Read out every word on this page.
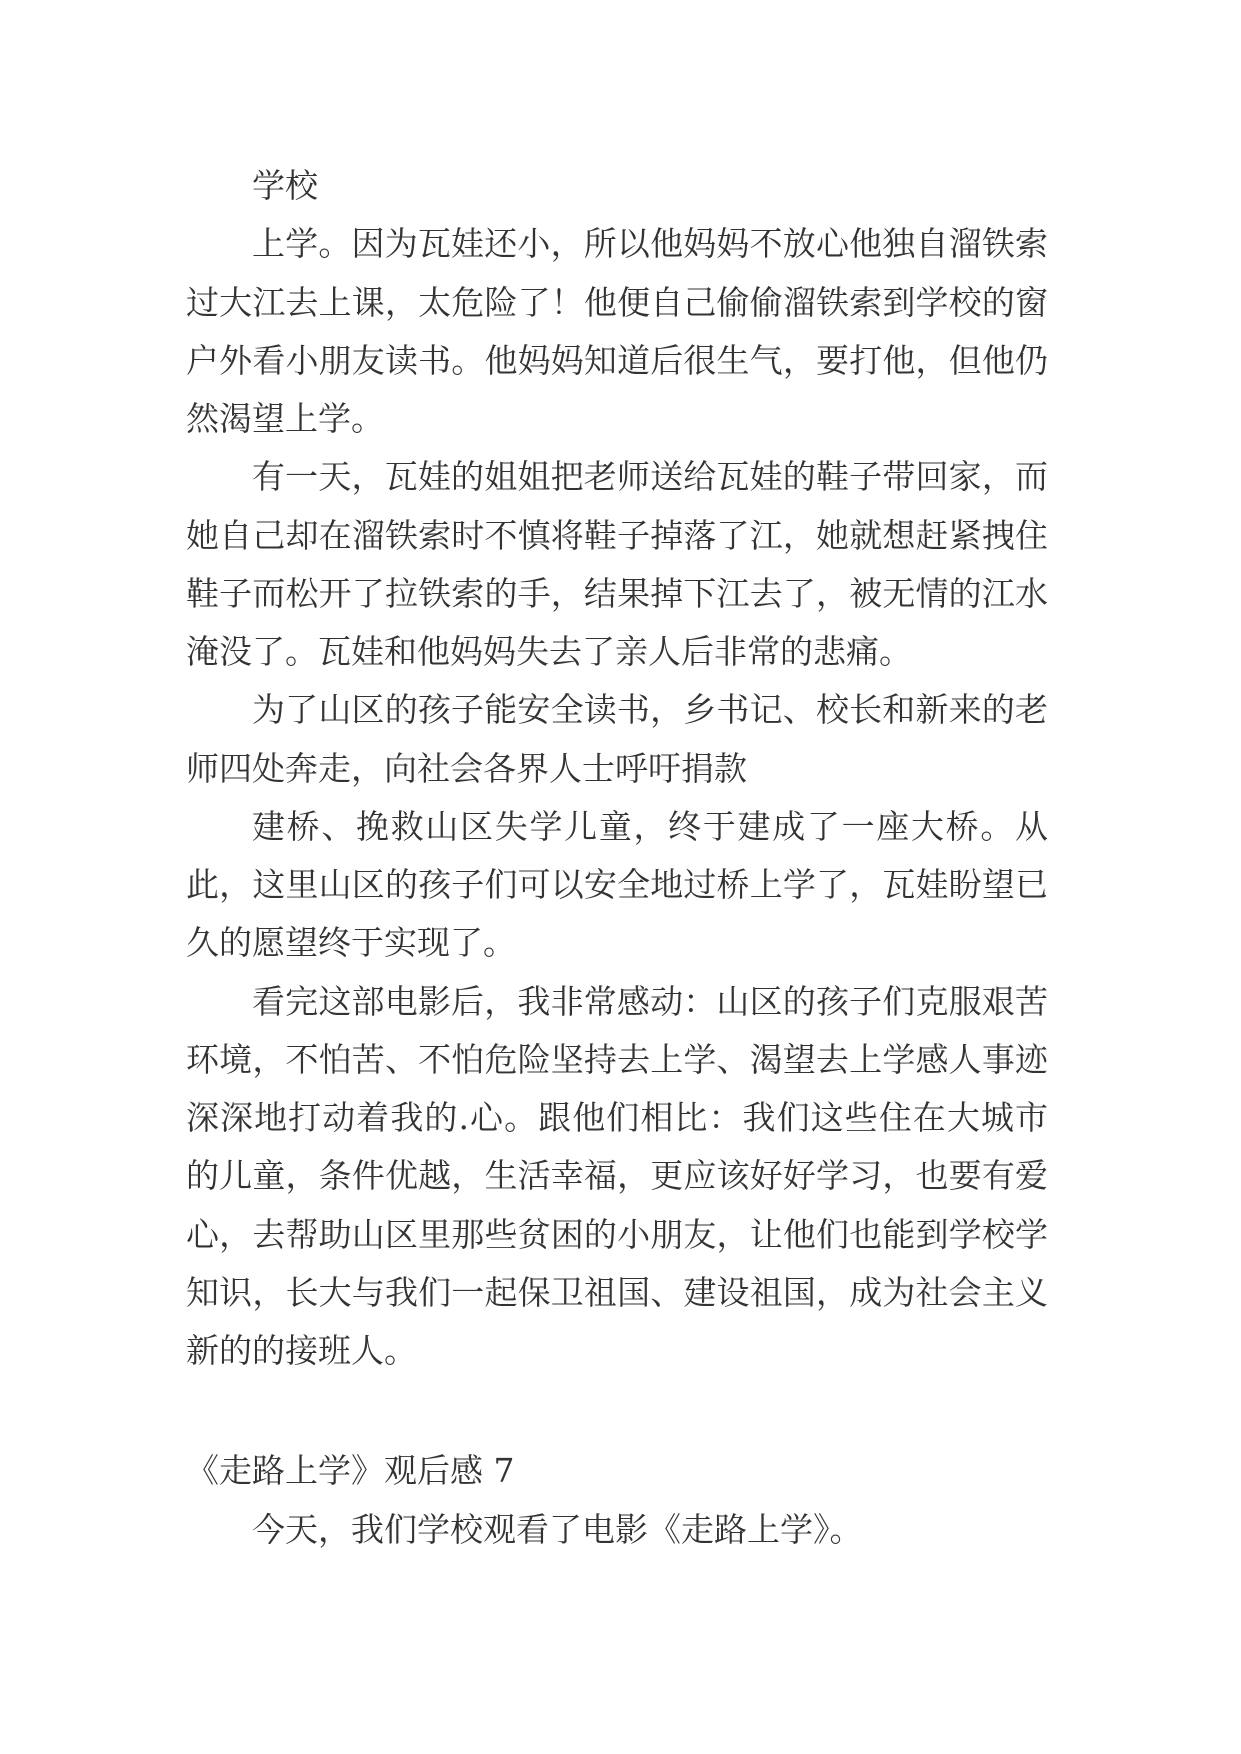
学校

上学。因为瓦娃还小，所以他妈妈不放心他独自溜铁索过大江去上课，太危险了！他便自己偷偷溜铁索到学校的窗户外看小朋友读书。他妈妈知道后很生气，要打他，但他仍然渴望上学。

有一天，瓦娃的姐姐把老师送给瓦娃的鞋子带回家，而她自己却在溜铁索时不慎将鞋子掉落了江，她就想赶紧拽住鞋子而松开了拉铁索的手，结果掉下江去了，被无情的江水淹没了。瓦娃和他妈妈失去了亲人后非常的悲痛。

为了山区的孩子能安全读书，乡书记、校长和新来的老师四处奔走，向社会各界人士呼吁捐款

建桥、挽救山区失学儿童，终于建成了一座大桥。从此，这里山区的孩子们可以安全地过桥上学了，瓦娃盼望已久的愿望终于实现了。

看完这部电影后，我非常感动：山区的孩子们克服艰苦环境，不怕苦、不怕危险坚持去上学、渴望去上学感人事迹深深地打动着我的.心。跟他们相比：我们这些住在大城市的儿童，条件优越，生活幸福，更应该好好学习，也要有爱心，去帮助山区里那些贫困的小朋友，让他们也能到学校学知识，长大与我们一起保卫祖国、建设祖国，成为社会主义新的的接班人。

《走路上学》观后感 7

今天，我们学校观看了电影《走路上学》。
